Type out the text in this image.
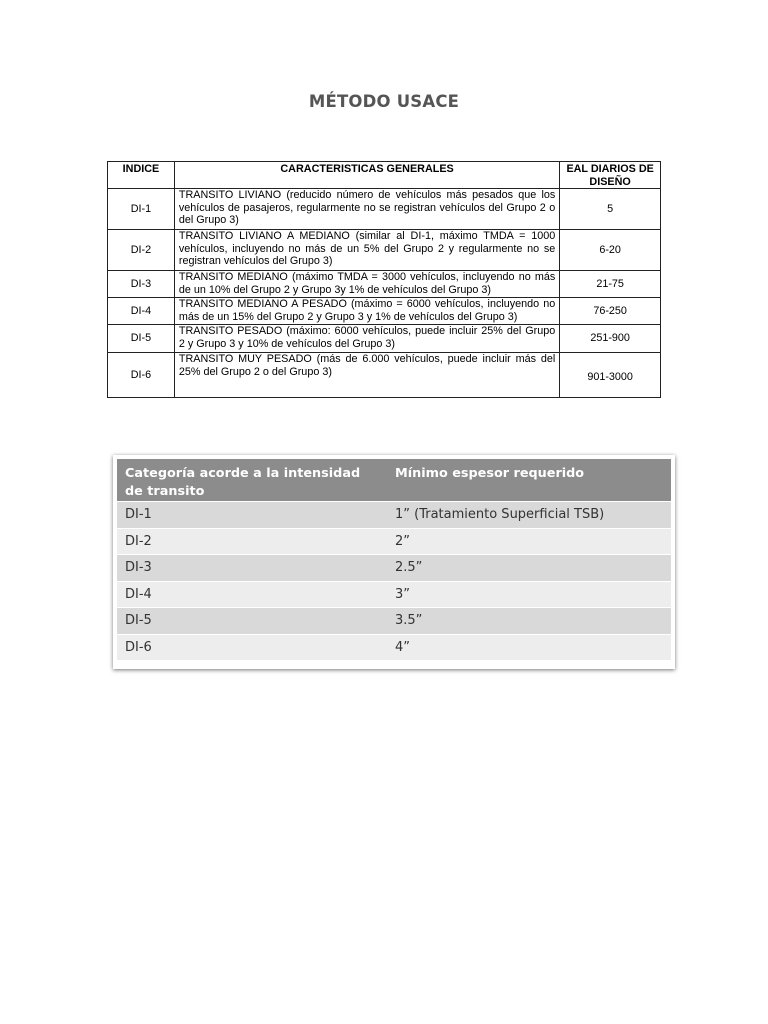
MÉTODO USACE
INDICE	CARACTERISTICAS GENERALES	EAL DIARIOS DE DISEÑO
DI-1	TRANSITO LIVIANO (reducido número de vehículos más pesados que los vehículos de pasajeros, regularmente no se registran vehículos del Grupo 2 o del Grupo 3)	5
DI-2	TRANSITO LIVIANO A MEDIANO (similar al DI-1, máximo TMDA = 1000 vehículos, incluyendo no más de un 5% del Grupo 2 y regularmente no se registran vehículos del Grupo 3)	6-20
DI-3	TRANSITO MEDIANO (máximo TMDA = 3000 vehículos, incluyendo no más de un 10% del Grupo 2 y Grupo 3y 1% de vehículos del Grupo 3)	21-75
DI-4	TRANSITO MEDIANO A PESADO (máximo = 6000 vehículos, incluyendo no más de un 15% del Grupo 2 y Grupo 3 y 1% de vehículos del Grupo 3)	76-250
DI-5	TRANSITO PESADO (máximo: 6000 vehículos, puede incluir 25% del Grupo 2 y Grupo 3 y 10% de vehículos del Grupo 3)	251-900
DI-6	TRANSITO MUY PESADO (más de 6.000 vehículos, puede incluir más del 25% del Grupo 2 o del Grupo 3)	901-3000
Categoría acorde a la intensidad de transito	Mínimo espesor requerido
DI-1	1” (Tratamiento Superficial TSB)
DI-2	2”
DI-3	2.5”
DI-4	3”
DI-5	3.5”
DI-6	4”
